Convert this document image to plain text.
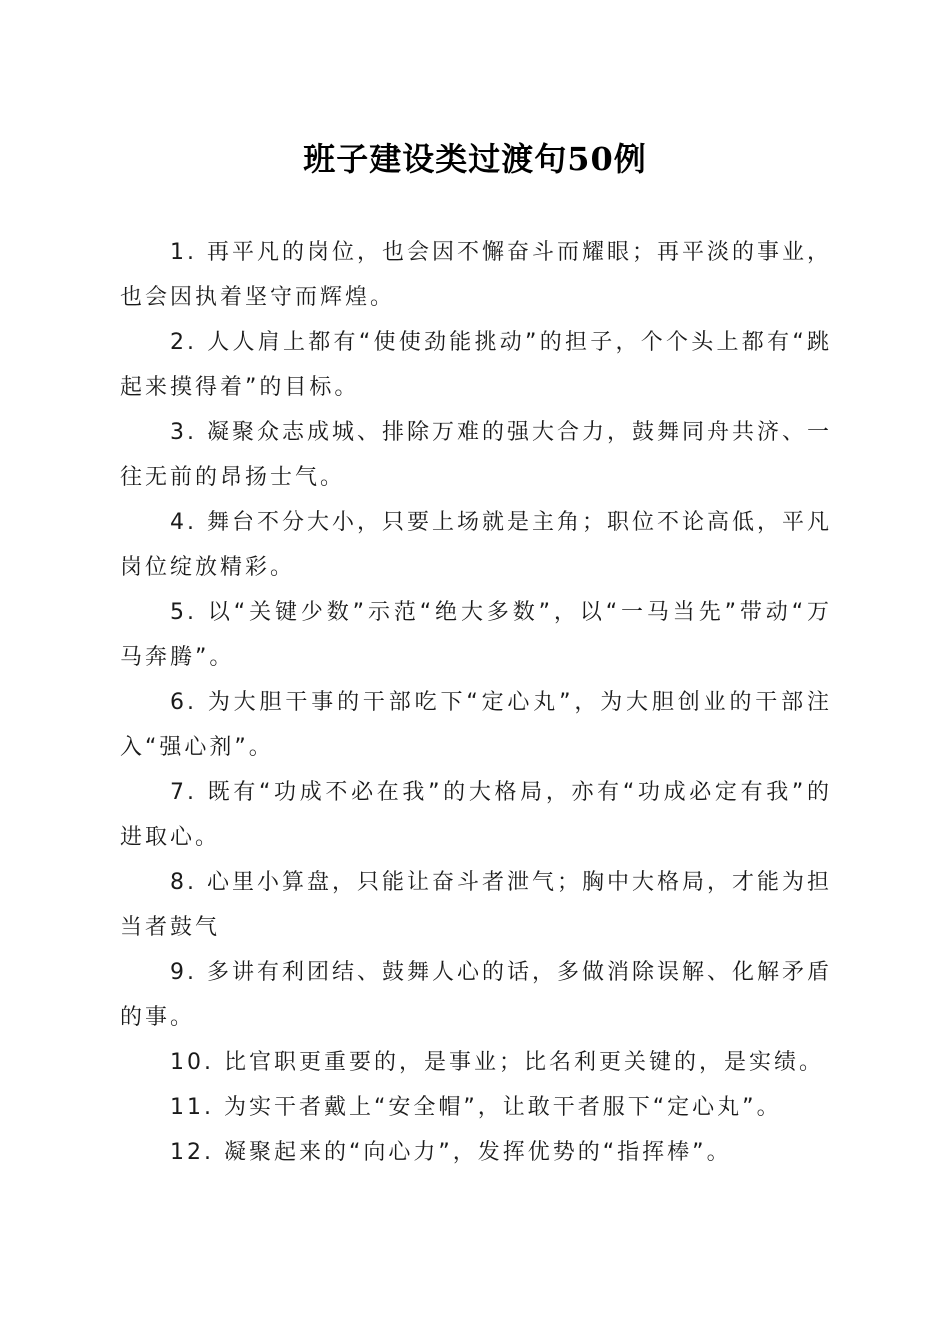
班子建设类过渡句50例

1. 再平凡的岗位，也会因不懈奋斗而耀眼；再平淡的事业，也会因执着坚守而辉煌。

2. 人人肩上都有“使使劲能挑动”的担子，个个头上都有“跳起来摸得着”的目标。

3. 凝聚众志成城、排除万难的强大合力，鼓舞同舟共济、一往无前的昂扬士气。

4. 舞台不分大小，只要上场就是主角；职位不论高低，平凡岗位绽放精彩。

5. 以“关键少数”示范“绝大多数”，以“一马当先”带动“万马奔腾”。

6. 为大胆干事的干部吃下“定心丸”，为大胆创业的干部注入“强心剂”。

7. 既有“功成不必在我”的大格局，亦有“功成必定有我”的进取心。

8. 心里小算盘，只能让奋斗者泄气；胸中大格局，才能为担当者鼓气

9. 多讲有利团结、鼓舞人心的话，多做消除误解、化解矛盾的事。

10. 比官职更重要的，是事业；比名利更关键的，是实绩。

11. 为实干者戴上“安全帽”，让敢干者服下“定心丸”。

12. 凝聚起来的“向心力”，发挥优势的“指挥棒”。
